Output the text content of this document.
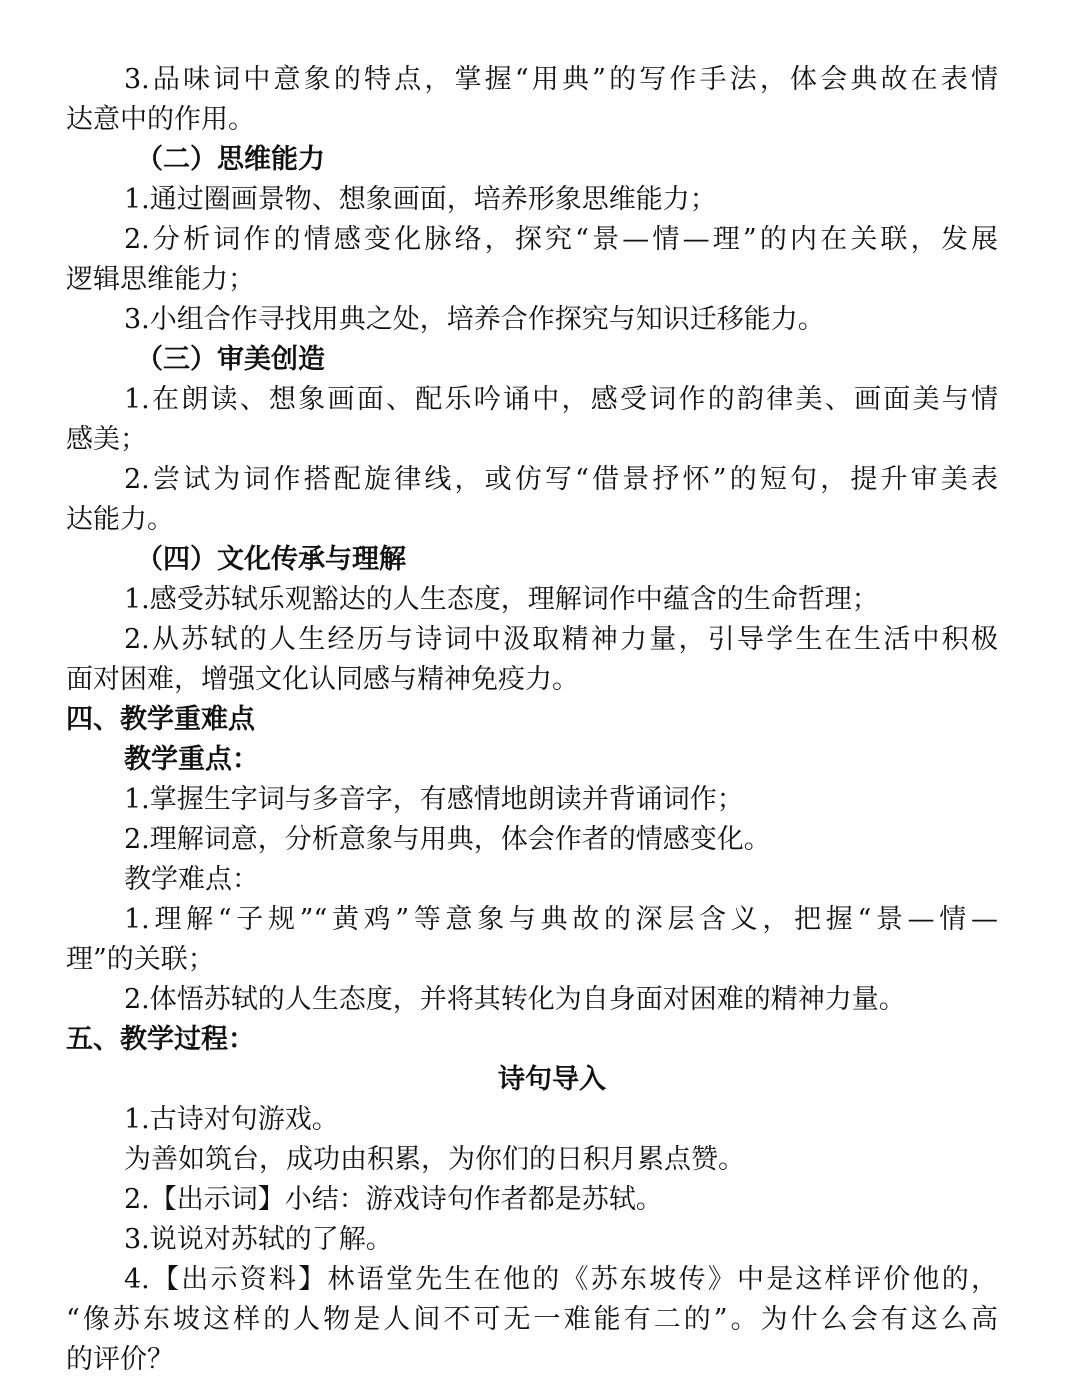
3.品味词中意象的特点，掌握“用典”的写作手法，体会典故在表情
达意中的作用。
（二）思维能力
1.通过圈画景物、想象画面，培养形象思维能力；
2.分析词作的情感变化脉络，探究“景—情—理”的内在关联，发展
逻辑思维能力；
3.小组合作寻找用典之处，培养合作探究与知识迁移能力。
（三）审美创造
1.在朗读、想象画面、配乐吟诵中，感受词作的韵律美、画面美与情
感美；
2.尝试为词作搭配旋律线，或仿写“借景抒怀”的短句，提升审美表
达能力。
（四）文化传承与理解
1.感受苏轼乐观豁达的人生态度，理解词作中蕴含的生命哲理；
2.从苏轼的人生经历与诗词中汲取精神力量，引导学生在生活中积极
面对困难，增强文化认同感与精神免疫力。
四、教学重难点
教学重点：
1.掌握生字词与多音字，有感情地朗读并背诵词作；
2.理解词意，分析意象与用典，体会作者的情感变化。
教学难点：
1.理解“子规”“黄鸡”等意象与典故的深层含义，把握“景—情—
理”的关联；
2.体悟苏轼的人生态度，并将其转化为自身面对困难的精神力量。
五、教学过程：
诗句导入
1.古诗对句游戏。
为善如筑台，成功由积累，为你们的日积月累点赞。
2.【出示词】小结：游戏诗句作者都是苏轼。
3.说说对苏轼的了解。
4.【出示资料】林语堂先生在他的《苏东坡传》中是这样评价他的，
“像苏东坡这样的人物是人间不可无一难能有二的”。为什么会有这么高
的评价？
